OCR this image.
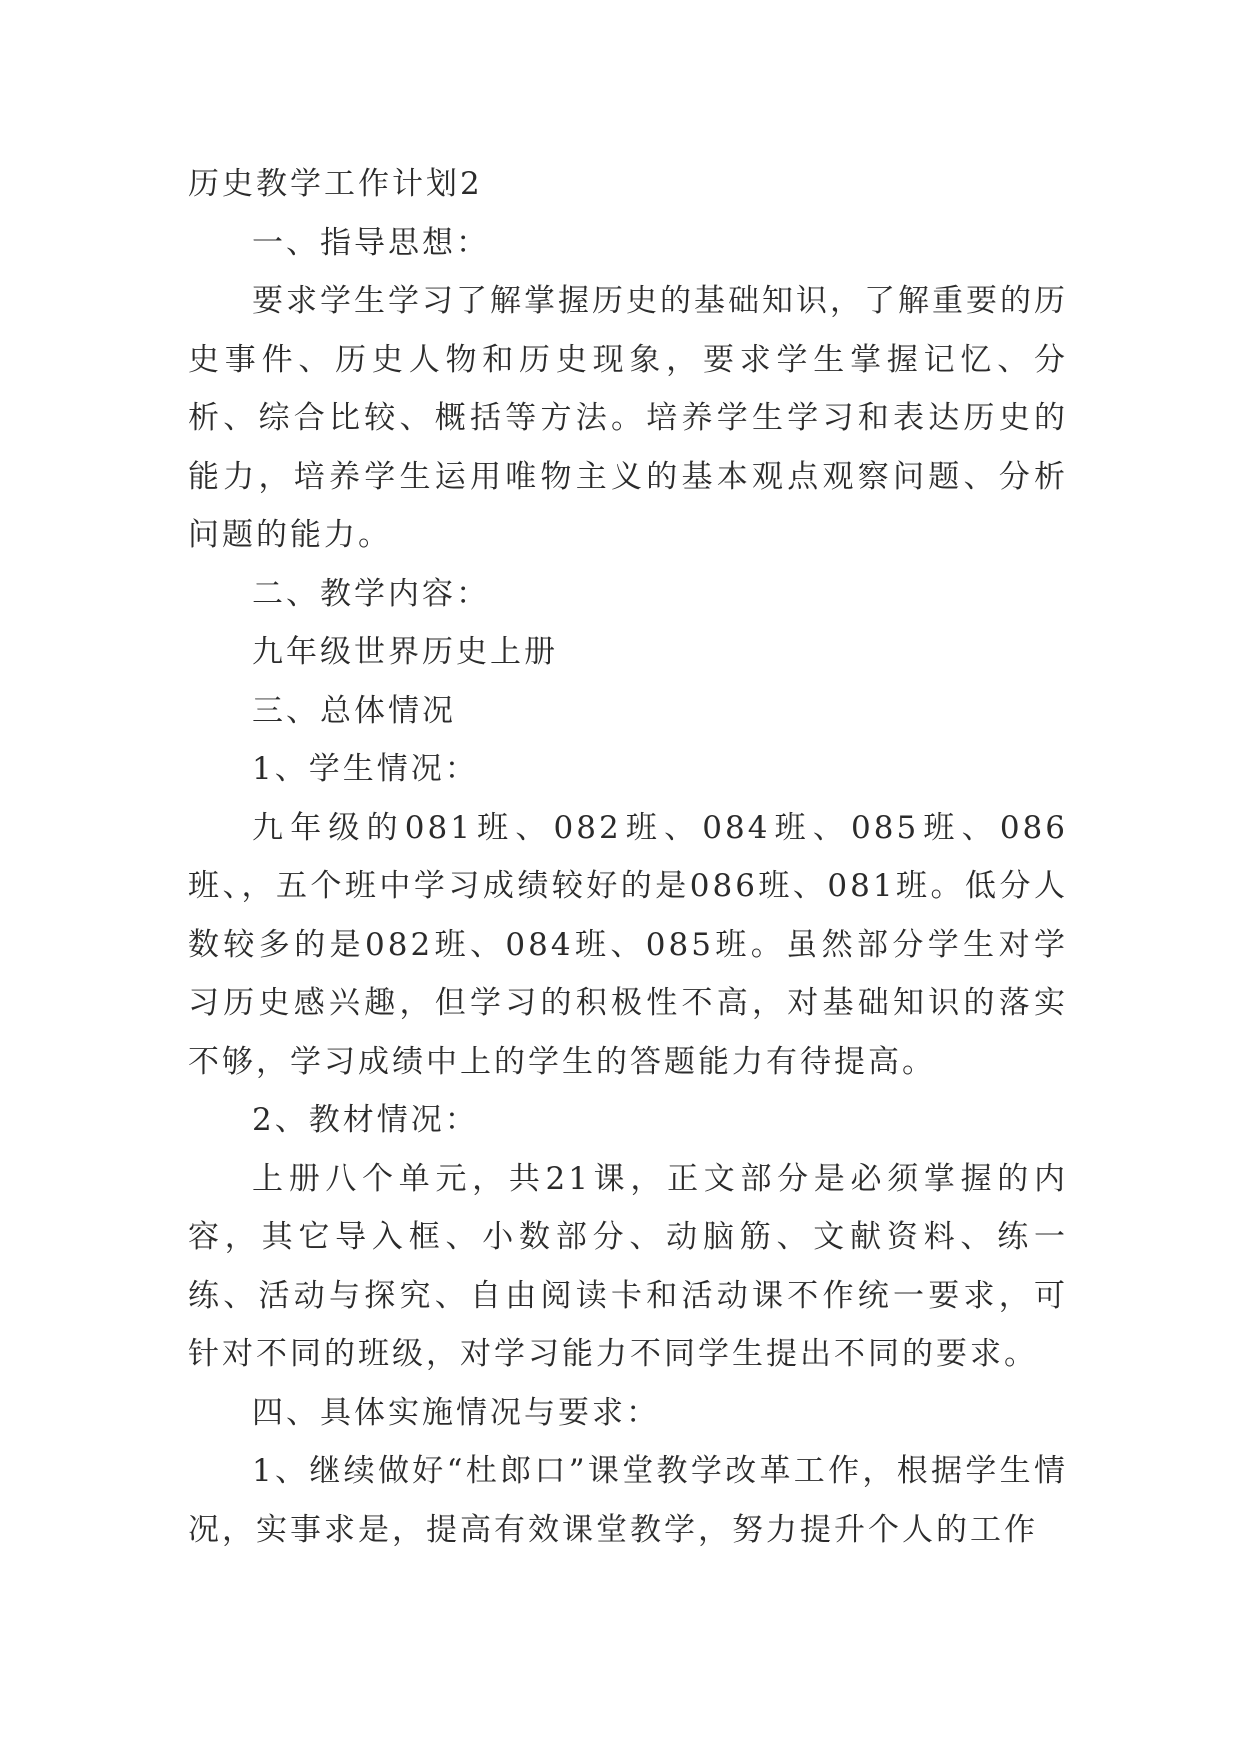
历史教学工作计划2

一、指导思想：

要求学生学习了解掌握历史的基础知识，了解重要的历史事件、历史人物和历史现象，要求学生掌握记忆、分析、综合比较、概括等方法。培养学生学习和表达历史的能力，培养学生运用唯物主义的基本观点观察问题、分析问题的能力。

二、教学内容：

九年级世界历史上册

三、总体情况

1、学生情况：

九年级的081班、082班、084班、085班、086班、，五个班中学习成绩较好的是086班、081班。低分人数较多的是082班、084班、085班。虽然部分学生对学习历史感兴趣，但学习的积极性不高，对基础知识的落实不够，学习成绩中上的学生的答题能力有待提高。

2、教材情况：

上册八个单元，共21课，正文部分是必须掌握的内容，其它导入框、小数部分、动脑筋、文献资料、练一练、活动与探究、自由阅读卡和活动课不作统一要求，可针对不同的班级，对学习能力不同学生提出不同的要求。

四、具体实施情况与要求：

1、继续做好“杜郎口”课堂教学改革工作，根据学生情况，实事求是，提高有效课堂教学，努力提升个人的工作
